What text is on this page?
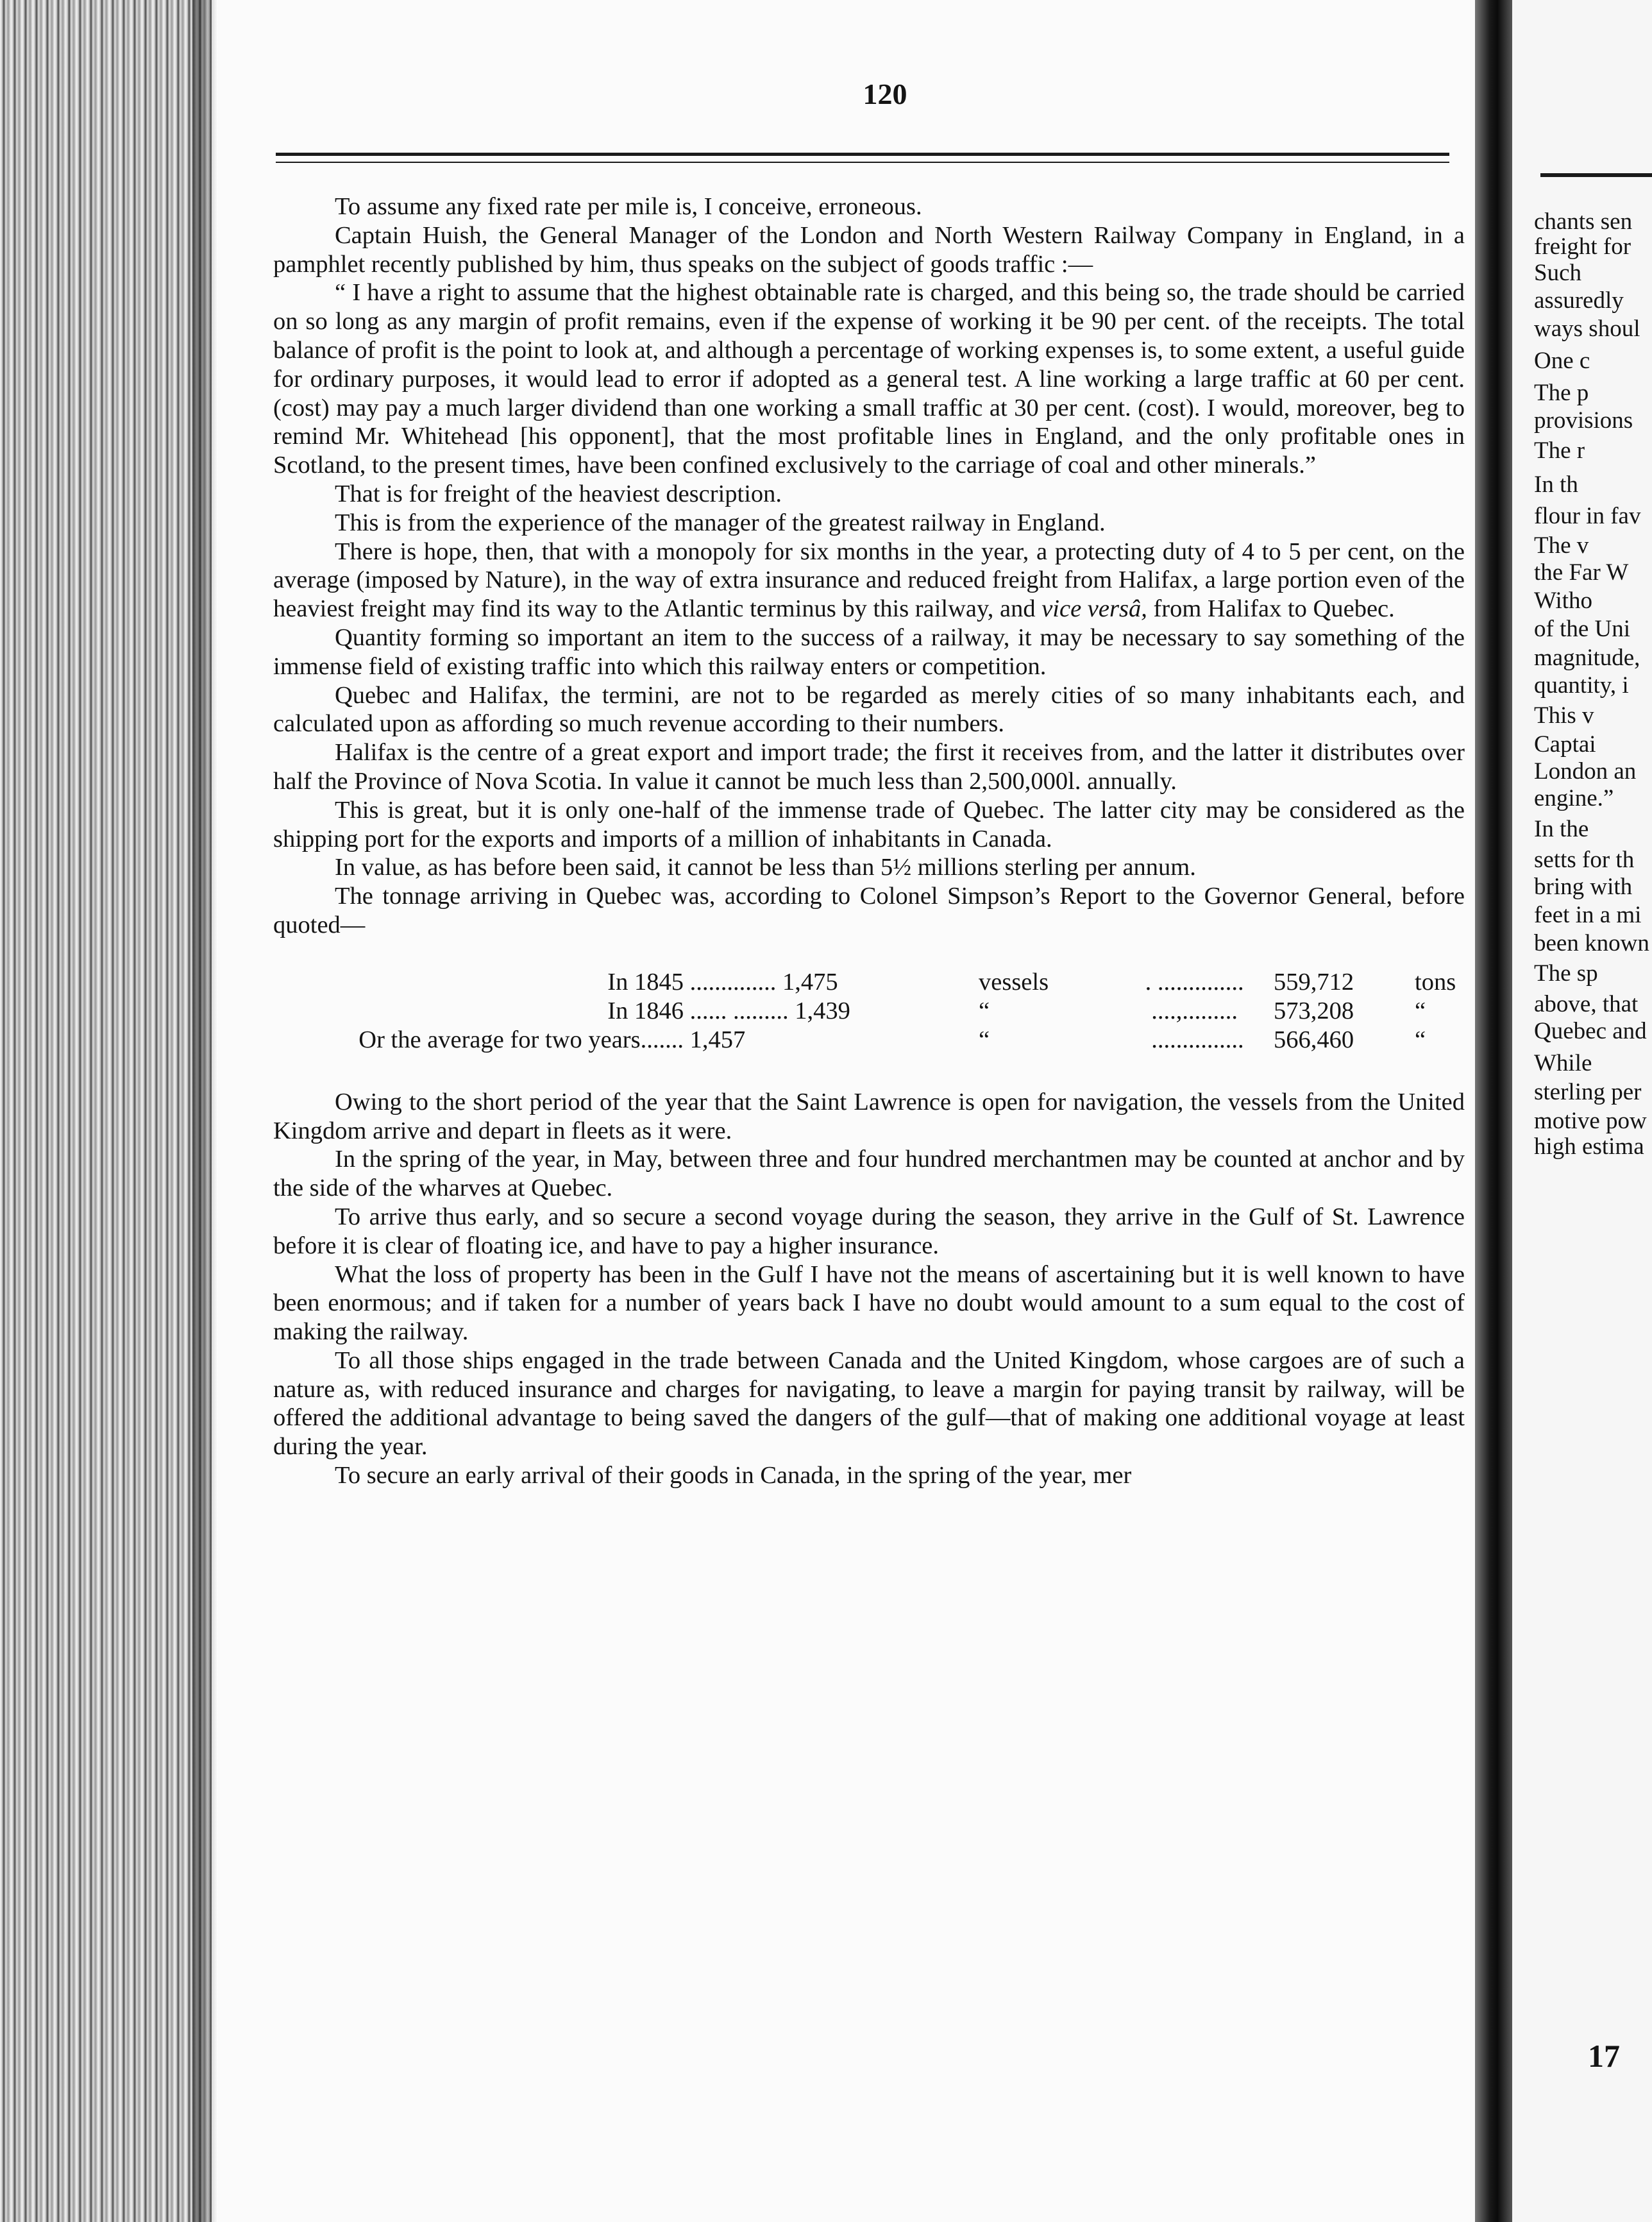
120

To assume any fixed rate per mile is, I conceive, erroneous.

Captain Huish, the General Manager of the London and North Western Railway Company in England, in a pamphlet recently published by him, thus speaks on the subject of goods traffic :—

“ I have a right to assume that the highest obtainable rate is charged, and this being so, the trade should be carried on so long as any margin of profit remains, even if the expense of working it be 90 per cent. of the receipts. The total balance of profit is the point to look at, and although a percentage of working expenses is, to some extent, a useful guide for ordinary purposes, it would lead to error if adopted as a general test. A line working a large traffic at 60 per cent. (cost) may pay a much larger dividend than one working a small traffic at 30 per cent. (cost). I would, moreover, beg to remind Mr. Whitehead [his opponent], that the most profitable lines in England, and the only profitable ones in Scotland, to the present times, have been confined exclusively to the carriage of coal and other minerals.”

That is for freight of the heaviest description.

This is from the experience of the manager of the greatest railway in England.

There is hope, then, that with a monopoly for six months in the year, a protecting duty of 4 to 5 per cent, on the average (imposed by Nature), in the way of extra insurance and reduced freight from Halifax, a large portion even of the heaviest freight may find its way to the Atlantic terminus by this railway, and vice versâ, from Halifax to Quebec.

Quantity forming so important an item to the success of a railway, it may be necessary to say something of the immense field of existing traffic into which this railway enters or competition.

Quebec and Halifax, the termini, are not to be regarded as merely cities of so many inhabitants each, and calculated upon as affording so much revenue according to their numbers.

Halifax is the centre of a great export and import trade; the first it receives from, and the latter it distributes over half the Province of Nova Scotia. In value it cannot be much less than 2,500,000l. annually.

This is great, but it is only one-half of the immense trade of Quebec. The latter city may be considered as the shipping port for the exports and imports of a million of inhabitants in Canada.

In value, as has before been said, it cannot be less than 5½ millions sterling per annum.

The tonnage arriving in Quebec was, according to Colonel Simpson’s Report to the Governor General, before quoted—

In 1845 .............. 1,475	vessels	. ..............	559,712	tons
In 1846 ...... ......... 1,439	“	....,.........	573,208	“
Or the average for two years....... 1,457	“	...............	566,460	“

Owing to the short period of the year that the Saint Lawrence is open for navigation, the vessels from the United Kingdom arrive and depart in fleets as it were.

In the spring of the year, in May, between three and four hundred merchantmen may be counted at anchor and by the side of the wharves at Quebec.

To arrive thus early, and so secure a second voyage during the season, they arrive in the Gulf of St. Lawrence before it is clear of floating ice, and have to pay a higher insurance.

What the loss of property has been in the Gulf I have not the means of ascertaining but it is well known to have been enormous; and if taken for a number of years back I have no doubt would amount to a sum equal to the cost of making the railway.

To all those ships engaged in the trade between Canada and the United Kingdom, whose cargoes are of such a nature as, with reduced insurance and charges for navigating, to leave a margin for paying transit by railway, will be offered the additional advantage to being saved the dangers of the gulf—that of making one additional voyage at least during the year.

To secure an early arrival of their goods in Canada, in the spring of the year, mer

chants sen
freight for
Such
assuredly
ways shoul
One c
The p
provisions
The r
In th
flour in fav
The v
the Far W
Witho
of the Uni
magnitude,
quantity, i
This v
Captai
London an
engine.”
In the
setts for th
bring with
feet in a mi
been known
The sp
above, that
Quebec and
While
sterling per
motive pow
high estima
17
